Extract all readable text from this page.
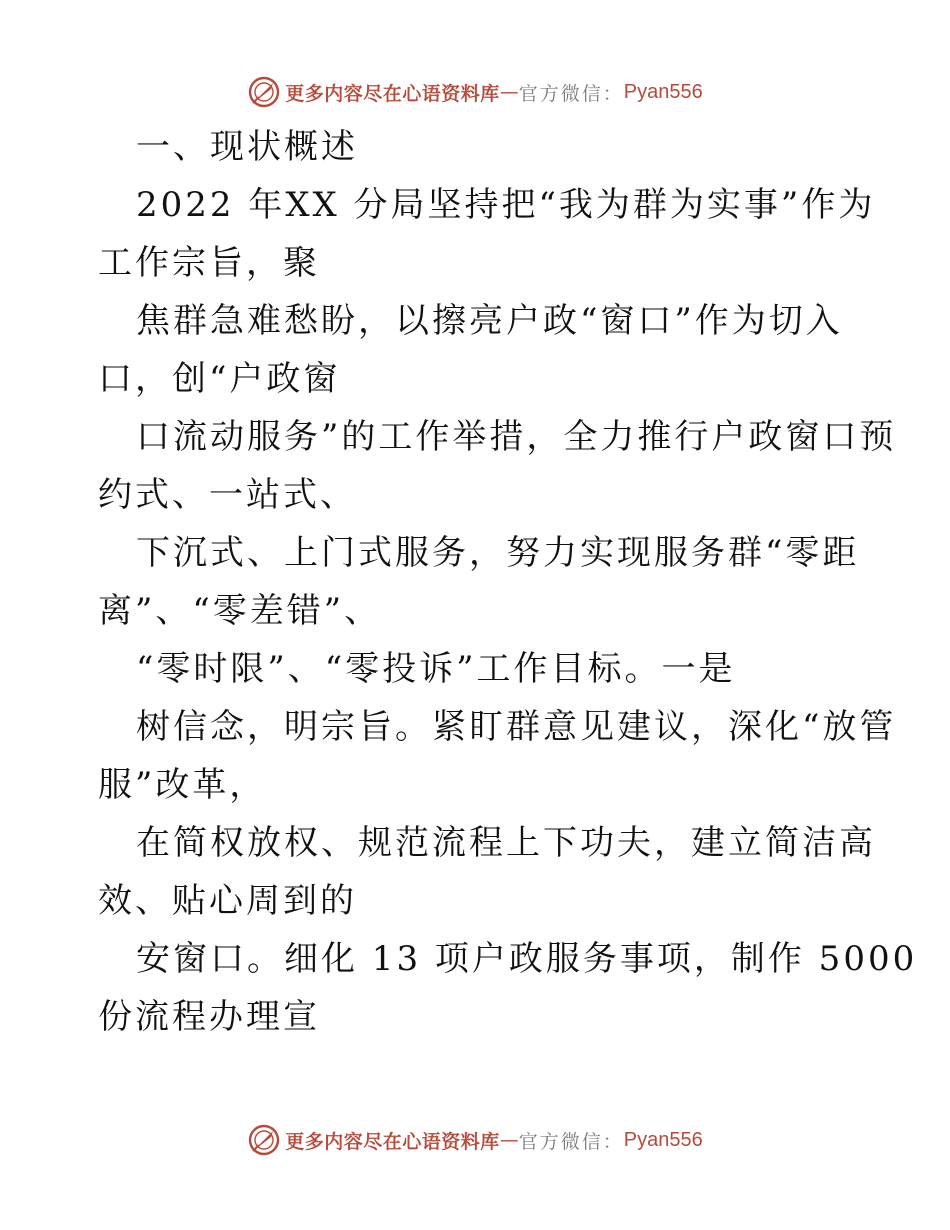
更多内容尽在心语资料库 — 官方微信： Pyan556
一、现状概述
2022 年XX 分局坚持把“我为群为实事”作为
工作宗旨，聚
焦群急难愁盼，以擦亮户政“窗口”作为切入
口，创“户政窗
口流动服务”的工作举措，全力推行户政窗口预
约式、一站式、
下沉式、上门式服务，努力实现服务群“零距
离”、“零差错”、
“零时限”、“零投诉”工作目标。一是
树信念，明宗旨。紧盯群意见建议，深化“放管
服”改革，
在简权放权、规范流程上下功夫，建立简洁高
效、贴心周到的
安窗口。细化 13 项户政服务事项，制作 5000
份流程办理宣
更多内容尽在心语资料库 — 官方微信： Pyan556
